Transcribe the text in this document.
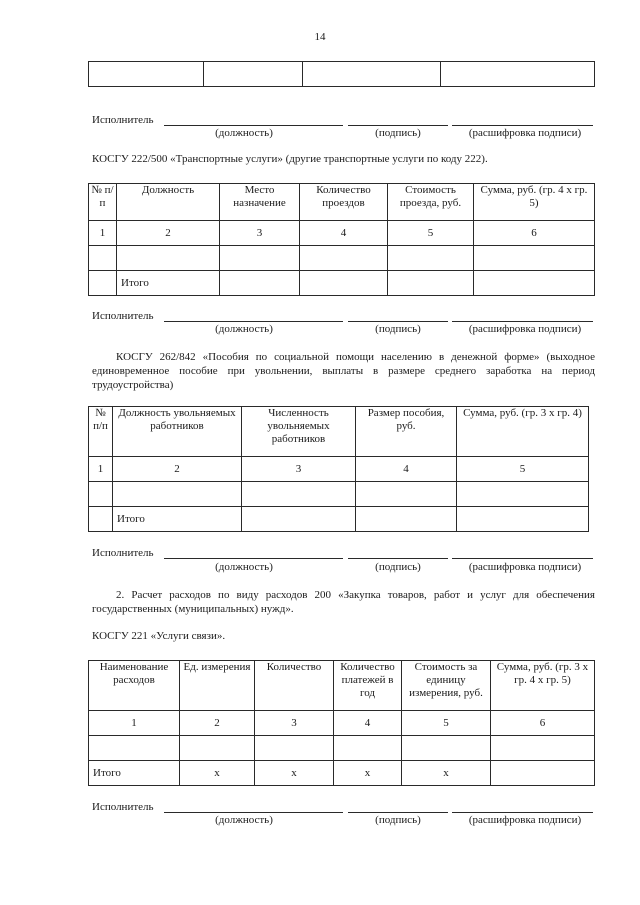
14

Исполнитель
(должность)	(подпись)	(расшифровка подписи)
КОСГУ 222/500 «Транспортные услуги» (другие транспортные услуги по коду 222).
№ п/п	Должность	Место назначение	Количество проездов	Стоимость проезда, руб.	Сумма, руб. (гр. 4 х гр. 5)
1	2	3	4	5	6

	Итого				
Исполнитель
(должность)	(подпись)	(расшифровка подписи)
КОСГУ 262/842 «Пособия по социальной помощи населению в денежной форме» (выходное единовременное пособие при увольнении, выплаты в размере среднего заработка на период трудоустройства)
№ п/п	Должность увольняемых работников	Численность увольняемых работников	Размер пособия, руб.	Сумма, руб. (гр. 3 х гр. 4)
1	2	3	4	5

	Итого			
Исполнитель
(должность)	(подпись)	(расшифровка подписи)
2. Расчет расходов по виду расходов 200 «Закупка товаров, работ и услуг для обеспечения государственных (муниципальных) нужд».
КОСГУ 221 «Услуги связи».
Наименование расходов	Ед. измерения	Количество	Количество платежей в год	Стоимость за единицу измерения, руб.	Сумма, руб. (гр. 3 х гр. 4 х гр. 5)
1	2	3	4	5	6

Итого	х	х	х	х	
Исполнитель
(должность)	(подпись)	(расшифровка подписи)
